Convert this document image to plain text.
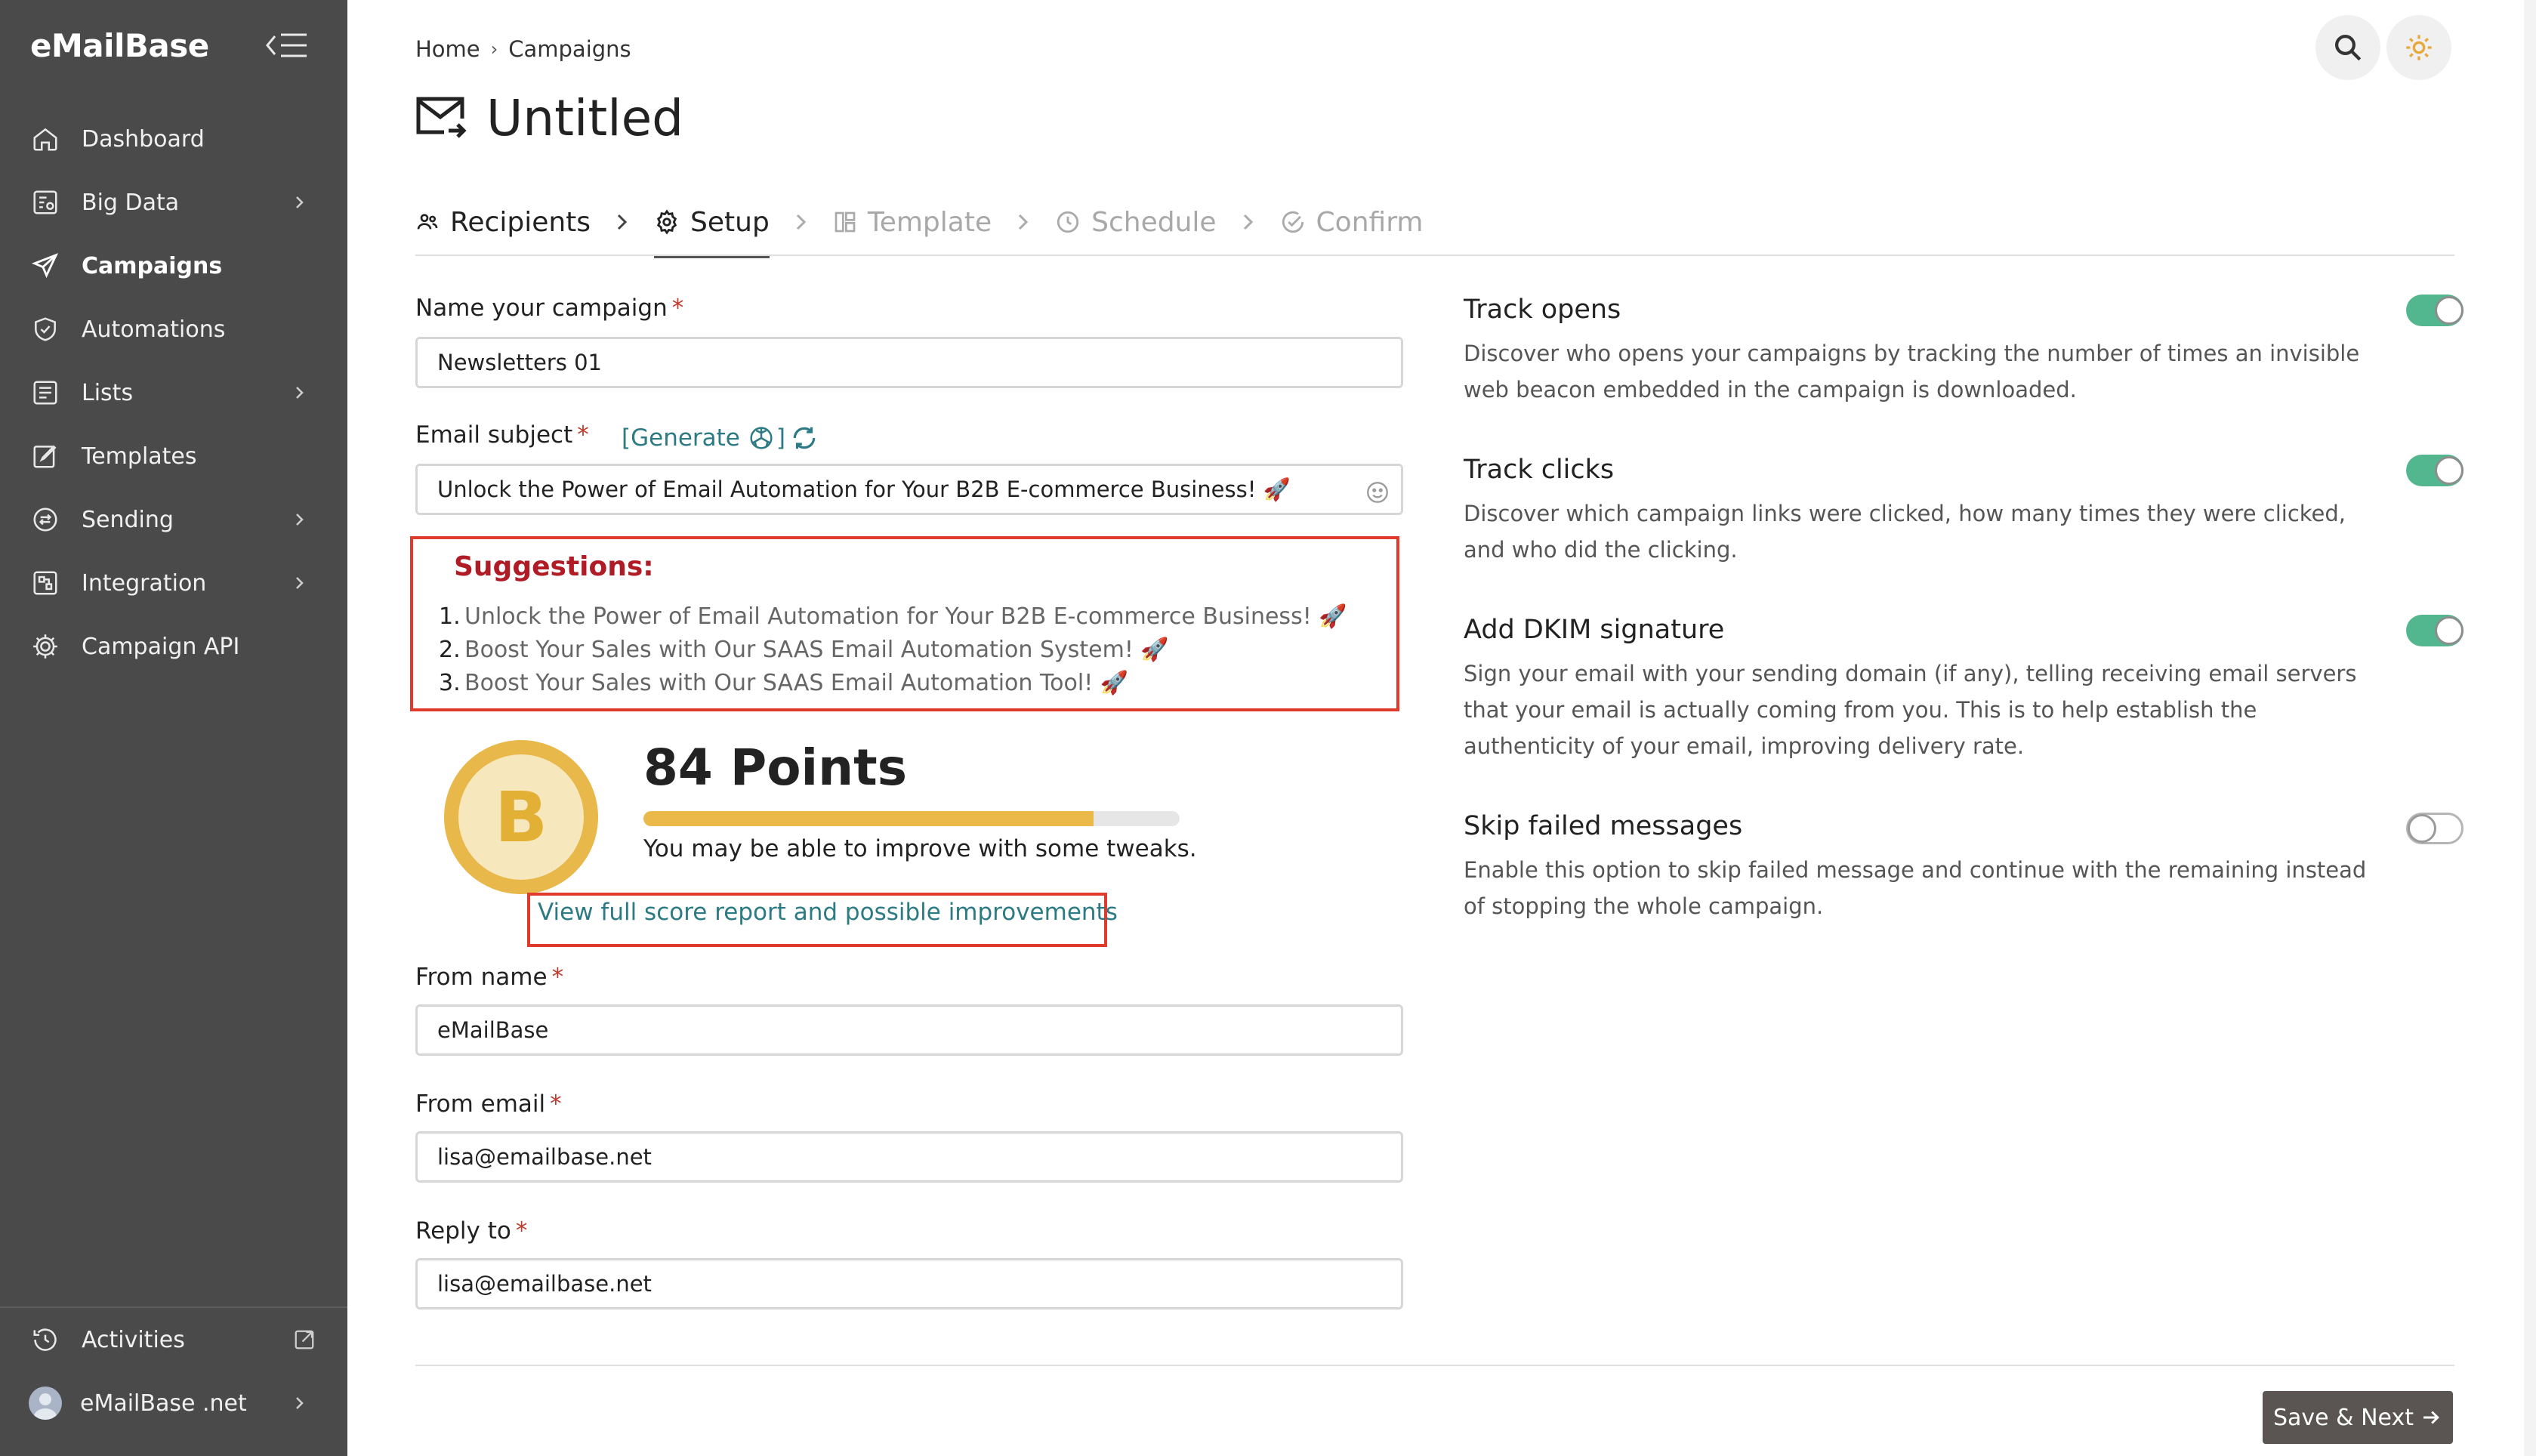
eMailBase
Dashboard
Big Data
Campaigns
Automations
Lists
Templates
Sending
Integration
Campaign API
Activities
eMailBase .net
Home › Campaigns
Untitled
Recipients	Setup	Template	Schedule	Confirm
Name your campaign *
Newsletters 01
Email subject * [Generate ]
Unlock the Power of Email Automation for Your B2B E-commerce Business! 🚀
Suggestions:
1. Unlock the Power of Email Automation for Your B2B E-commerce Business! 🚀
2. Boost Your Sales with Our SAAS Email Automation System! 🚀
3. Boost Your Sales with Our SAAS Email Automation Tool! 🚀
B
84 Points
You may be able to improve with some tweaks.
View full score report and possible improvements
From name *
eMailBase
From email *
lisa@emailbase.net
Reply to *
lisa@emailbase.net
Track opens
Discover who opens your campaigns by tracking the number of times an invisible web beacon embedded in the campaign is downloaded.
Track clicks
Discover which campaign links were clicked, how many times they were clicked, and who did the clicking.
Add DKIM signature
Sign your email with your sending domain (if any), telling receiving email servers that your email is actually coming from you. This is to help establish the authenticity of your email, improving delivery rate.
Skip failed messages
Enable this option to skip failed message and continue with the remaining instead of stopping the whole campaign.
Save & Next
